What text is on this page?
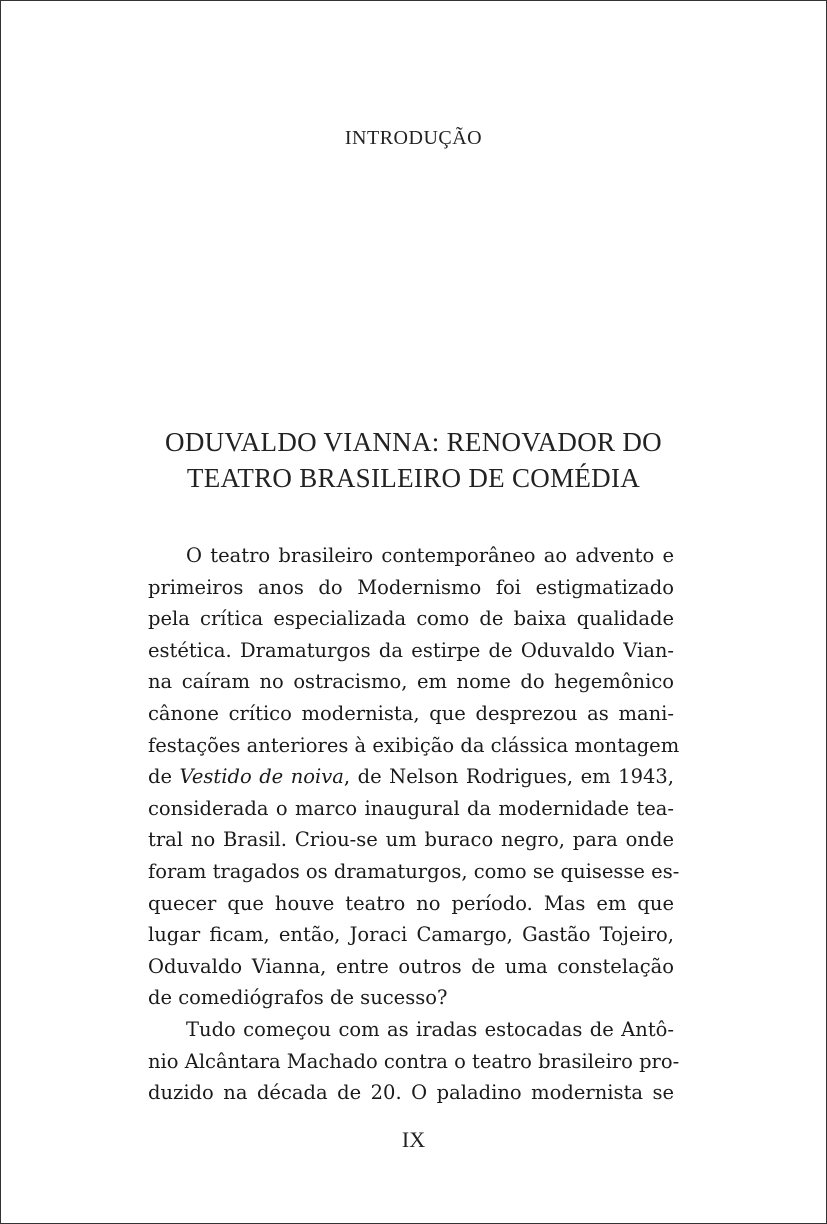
INTRODUÇÃO
ODUVALDO VIANNA: RENOVADOR DO
TEATRO BRASILEIRO DE COMÉDIA
O teatro brasileiro contemporâneo ao advento e
primeiros anos do Modernismo foi estigmatizado
pela crítica especializada como de baixa qualidade
estética. Dramaturgos da estirpe de Oduvaldo Vian-
na caíram no ostracismo, em nome do hegemônico
cânone crítico modernista, que desprezou as mani-
festações anteriores à exibição da clássica montagem
de Vestido de noiva, de Nelson Rodrigues, em 1943,
considerada o marco inaugural da modernidade tea-
tral no Brasil. Criou-se um buraco negro, para onde
foram tragados os dramaturgos, como se quisesse es-
quecer que houve teatro no período. Mas em que
lugar ficam, então, Joraci Camargo, Gastão Tojeiro,
Oduvaldo Vianna, entre outros de uma constelação
de comediógrafos de sucesso?
Tudo começou com as iradas estocadas de Antô-
nio Alcântara Machado contra o teatro brasileiro pro-
duzido na década de 20. O paladino modernista se
IX
